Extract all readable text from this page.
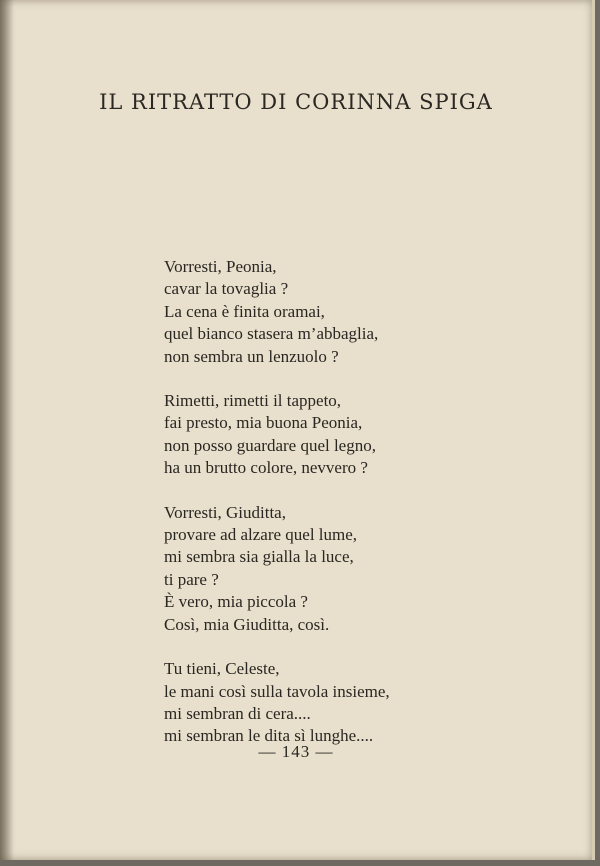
IL RITRATTO DI CORINNA SPIGA
Vorresti, Peonia,
cavar la tovaglia ?
La cena è finita oramai,
quel bianco stasera m’abbaglia,
non sembra un lenzuolo ?
Rimetti, rimetti il tappeto,
fai presto, mia buona Peonia,
non posso guardare quel legno,
ha un brutto colore, nevvero ?
Vorresti, Giuditta,
provare ad alzare quel lume,
mi sembra sia gialla la luce,
ti pare ?
È vero, mia piccola ?
Così, mia Giuditta, così.
Tu tieni, Celeste,
le mani così sulla tavola insieme,
mi sembran di cera....
mi sembran le dita sì lunghe....
— 143 —
